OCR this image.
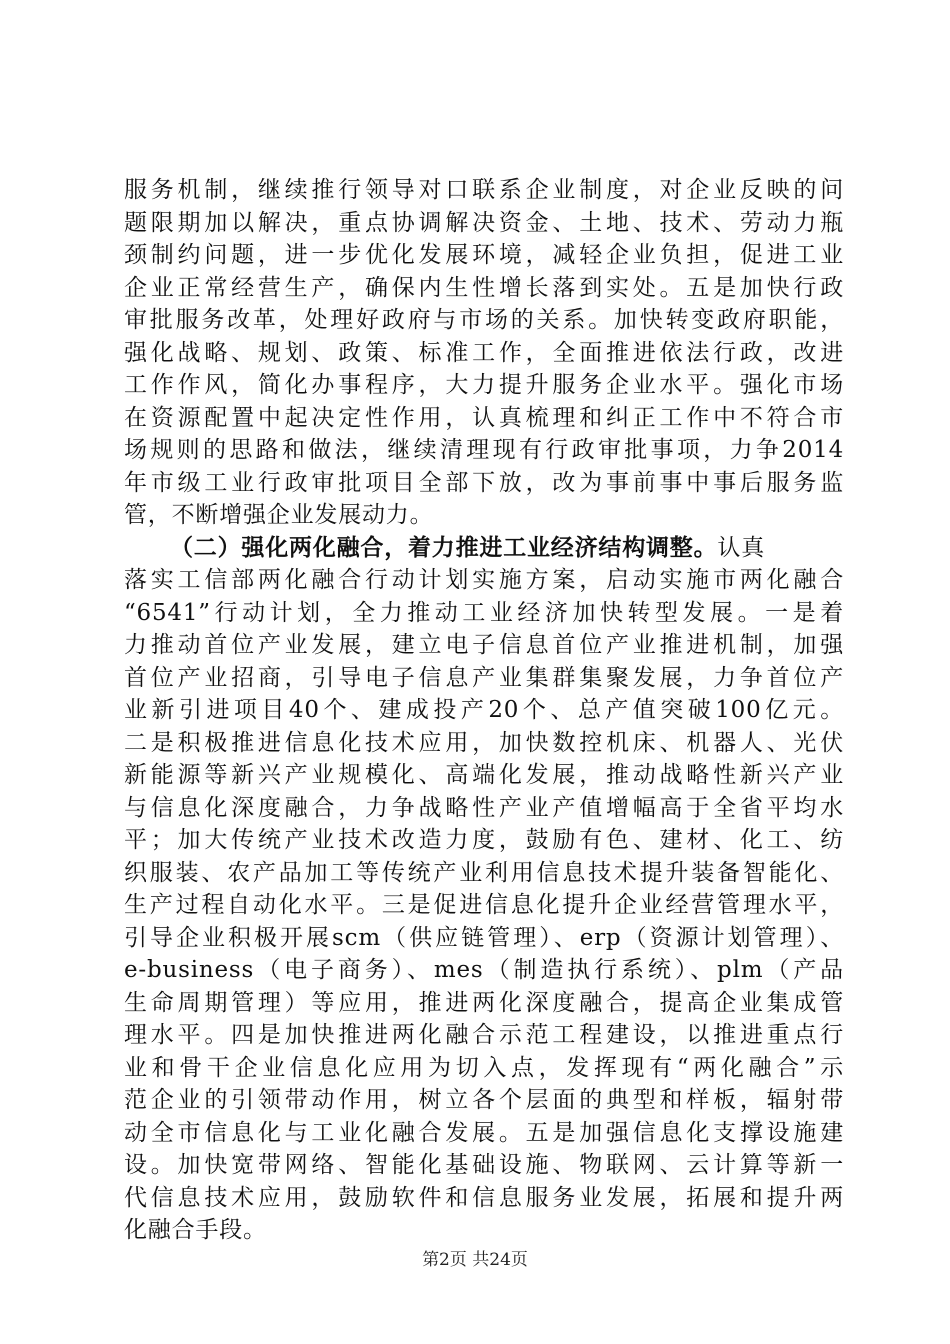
服务机制，继续推行领导对口联系企业制度，对企业反映的问
题限期加以解决，重点协调解决资金、土地、技术、劳动力瓶
颈制约问题，进一步优化发展环境，减轻企业负担，促进工业
企业正常经营生产，确保内生性增长落到实处。五是加快行政
审批服务改革，处理好政府与市场的关系。加快转变政府职能，
强化战略、规划、政策、标准工作，全面推进依法行政，改进
工作作风，简化办事程序，大力提升服务企业水平。强化市场
在资源配置中起决定性作用，认真梳理和纠正工作中不符合市
场规则的思路和做法，继续清理现有行政审批事项，力争2014
年市级工业行政审批项目全部下放，改为事前事中事后服务监
管，不断增强企业发展动力。
（二）强化两化融合，着力推进工业经济结构调整。认真
落实工信部两化融合行动计划实施方案，启动实施市两化融合
“6541”行动计划，全力推动工业经济加快转型发展。一是着
力推动首位产业发展，建立电子信息首位产业推进机制，加强
首位产业招商，引导电子信息产业集群集聚发展，力争首位产
业新引进项目40个、建成投产20个、总产值突破100亿元。
二是积极推进信息化技术应用，加快数控机床、机器人、光伏
新能源等新兴产业规模化、高端化发展，推动战略性新兴产业
与信息化深度融合，力争战略性产业产值增幅高于全省平均水
平；加大传统产业技术改造力度，鼓励有色、建材、化工、纺
织服装、农产品加工等传统产业利用信息技术提升装备智能化、
生产过程自动化水平。三是促进信息化提升企业经营管理水平，
引导企业积极开展scm（供应链管理）、erp（资源计划管理）、
e-business（电子商务）、mes（制造执行系统）、plm（产品
生命周期管理）等应用，推进两化深度融合，提高企业集成管
理水平。四是加快推进两化融合示范工程建设，以推进重点行
业和骨干企业信息化应用为切入点，发挥现有“两化融合”示
范企业的引领带动作用，树立各个层面的典型和样板，辐射带
动全市信息化与工业化融合发展。五是加强信息化支撑设施建
设。加快宽带网络、智能化基础设施、物联网、云计算等新一
代信息技术应用，鼓励软件和信息服务业发展，拓展和提升两
化融合手段。
第2页 共24页
